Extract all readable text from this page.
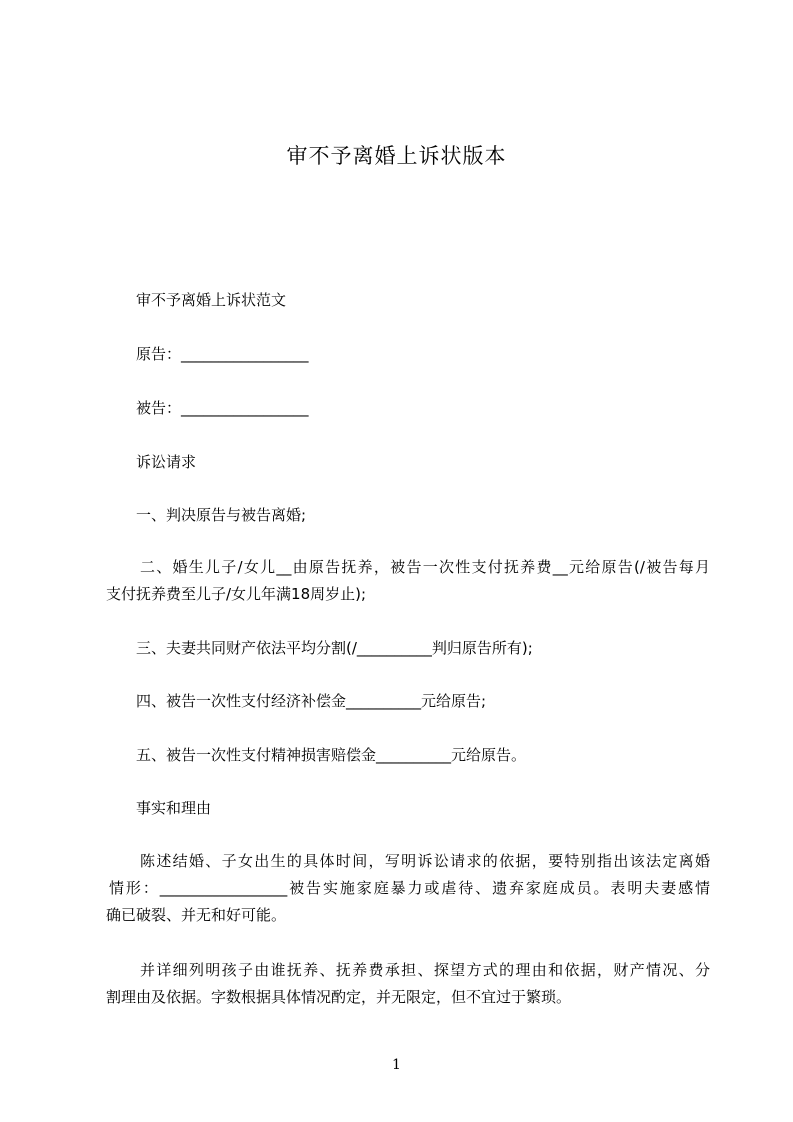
审不予离婚上诉状版本
审不予离婚上诉状范文
原告：_________________
被告：_________________
诉讼请求
一、判决原告与被告离婚;
二、婚生儿子/女儿__由原告抚养，被告一次性支付抚养费__元给原告(/被告每月
支付抚养费至儿子/女儿年满18周岁止);
三、夫妻共同财产依法平均分割(/__________判归原告所有);
四、被告一次性支付经济补偿金__________元给原告;
五、被告一次性支付精神损害赔偿金__________元给原告。
事实和理由
陈述结婚、子女出生的具体时间，写明诉讼请求的依据，要特别指出该法定离婚
情形：_________________被告实施家庭暴力或虐待、遗弃家庭成员。表明夫妻感情
确已破裂、并无和好可能。
并详细列明孩子由谁抚养、抚养费承担、探望方式的理由和依据，财产情况、分
割理由及依据。字数根据具体情况酌定，并无限定，但不宜过于繁琐。
1
